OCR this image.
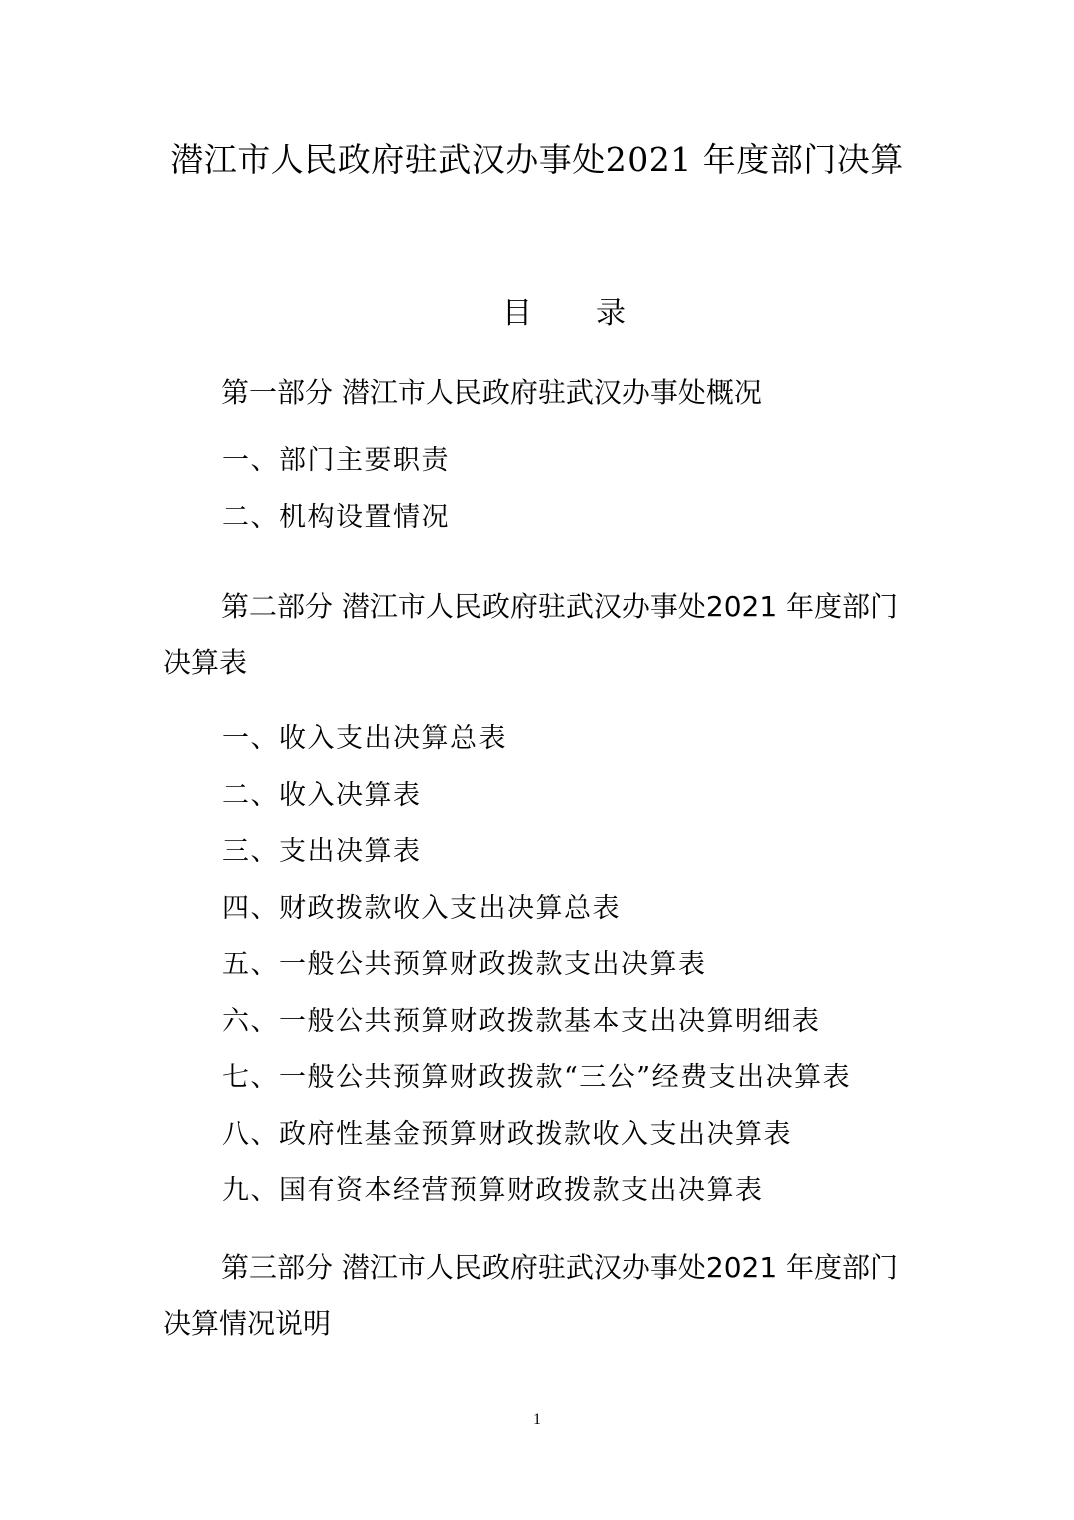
潜江市人民政府驻武汉办事处2021 年度部门决算
目录

第一部分 潜江市人民政府驻武汉办事处概况

一、部门主要职责
二、机构设置情况

第二部分 潜江市人民政府驻武汉办事处2021 年度部门决算表

一、收入支出决算总表
二、收入决算表
三、支出决算表
四、财政拨款收入支出决算总表
五、一般公共预算财政拨款支出决算表
六、一般公共预算财政拨款基本支出决算明细表
七、一般公共预算财政拨款“三公”经费支出决算表
八、政府性基金预算财政拨款收入支出决算表
九、国有资本经营预算财政拨款支出决算表

第三部分 潜江市人民政府驻武汉办事处2021 年度部门决算情况说明

1
